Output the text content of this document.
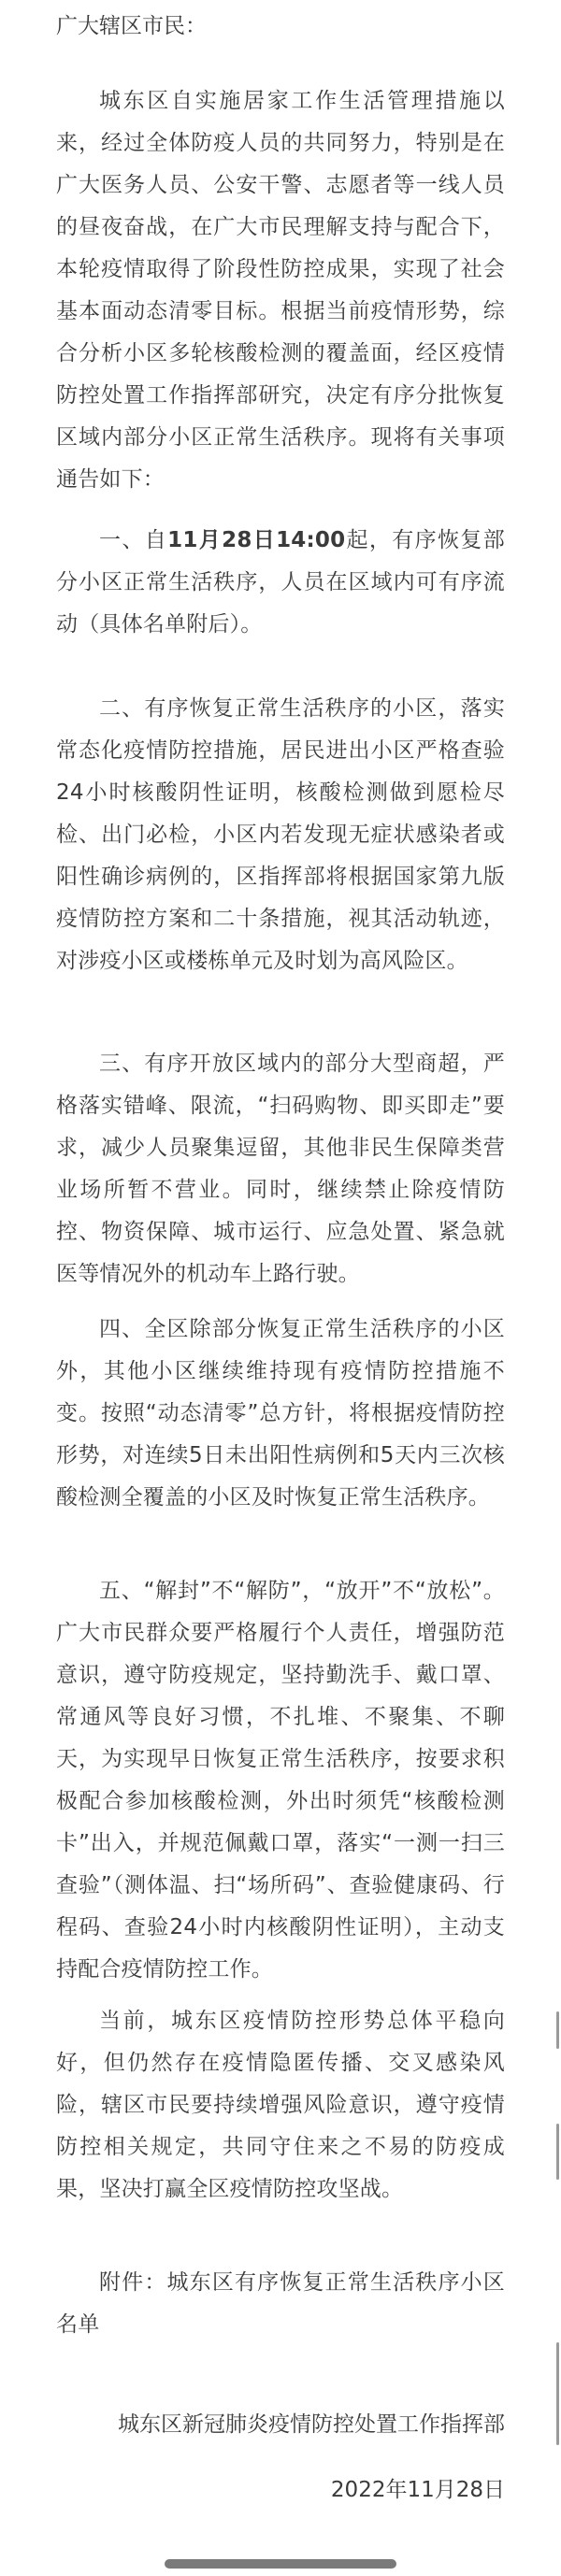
广大辖区市民：

城东区自实施居家工作生活管理措施以来，经过全体防疫人员的共同努力，特别是在广大医务人员、公安干警、志愿者等一线人员的昼夜奋战，在广大市民理解支持与配合下，本轮疫情取得了阶段性防控成果，实现了社会基本面动态清零目标。根据当前疫情形势，综合分析小区多轮核酸检测的覆盖面，经区疫情防控处置工作指挥部研究，决定有序分批恢复区域内部分小区正常生活秩序。现将有关事项通告如下：

一、自11月28日14:00起，有序恢复部分小区正常生活秩序，人员在区域内可有序流动（具体名单附后）。

二、有序恢复正常生活秩序的小区，落实常态化疫情防控措施，居民进出小区严格查验24小时核酸阴性证明，核酸检测做到愿检尽检、出门必检，小区内若发现无症状感染者或阳性确诊病例的，区指挥部将根据国家第九版疫情防控方案和二十条措施，视其活动轨迹，对涉疫小区或楼栋单元及时划为高风险区。

三、有序开放区域内的部分大型商超，严格落实错峰、限流，“扫码购物、即买即走”要求，减少人员聚集逗留，其他非民生保障类营业场所暂不营业。同时，继续禁止除疫情防控、物资保障、城市运行、应急处置、紧急就医等情况外的机动车上路行驶。

四、全区除部分恢复正常生活秩序的小区外，其他小区继续维持现有疫情防控措施不变。按照“动态清零”总方针，将根据疫情防控形势，对连续5日未出阳性病例和5天内三次核酸检测全覆盖的小区及时恢复正常生活秩序。

五、“解封”不“解防”，“放开”不“放松”。广大市民群众要严格履行个人责任，增强防范意识，遵守防疫规定，坚持勤洗手、戴口罩、常通风等良好习惯，不扎堆、不聚集、不聊天，为实现早日恢复正常生活秩序，按要求积极配合参加核酸检测，外出时须凭“核酸检测卡”出入，并规范佩戴口罩，落实“一测一扫三查验”（测体温、扫“场所码”、查验健康码、行程码、查验24小时内核酸阴性证明），主动支持配合疫情防控工作。

当前，城东区疫情防控形势总体平稳向好，但仍然存在疫情隐匿传播、交叉感染风险，辖区市民要持续增强风险意识，遵守疫情防控相关规定，共同守住来之不易的防疫成果，坚决打赢全区疫情防控攻坚战。

附件：城东区有序恢复正常生活秩序小区名单

城东区新冠肺炎疫情防控处置工作指挥部

2022年11月28日
